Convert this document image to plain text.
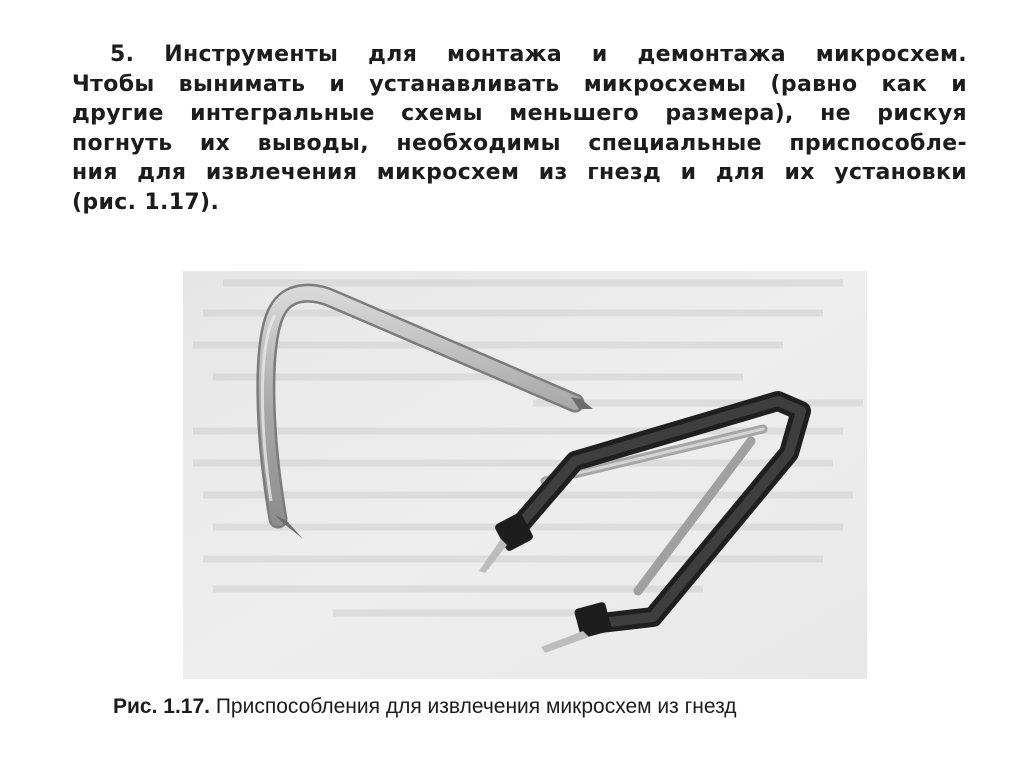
5. Инструменты для монтажа и демонтажа микросхем.
Чтобы вынимать и устанавливать микросхемы (равно как и
другие интегральные схемы меньшего размера), не рискуя
погнуть их выводы, необходимы специальные приспособле-
ния для извлечения микросхем из гнезд и для их установки
(рис. 1.17).
Рис. 1.17. Приспособления для извлечения микросхем из гнезд
